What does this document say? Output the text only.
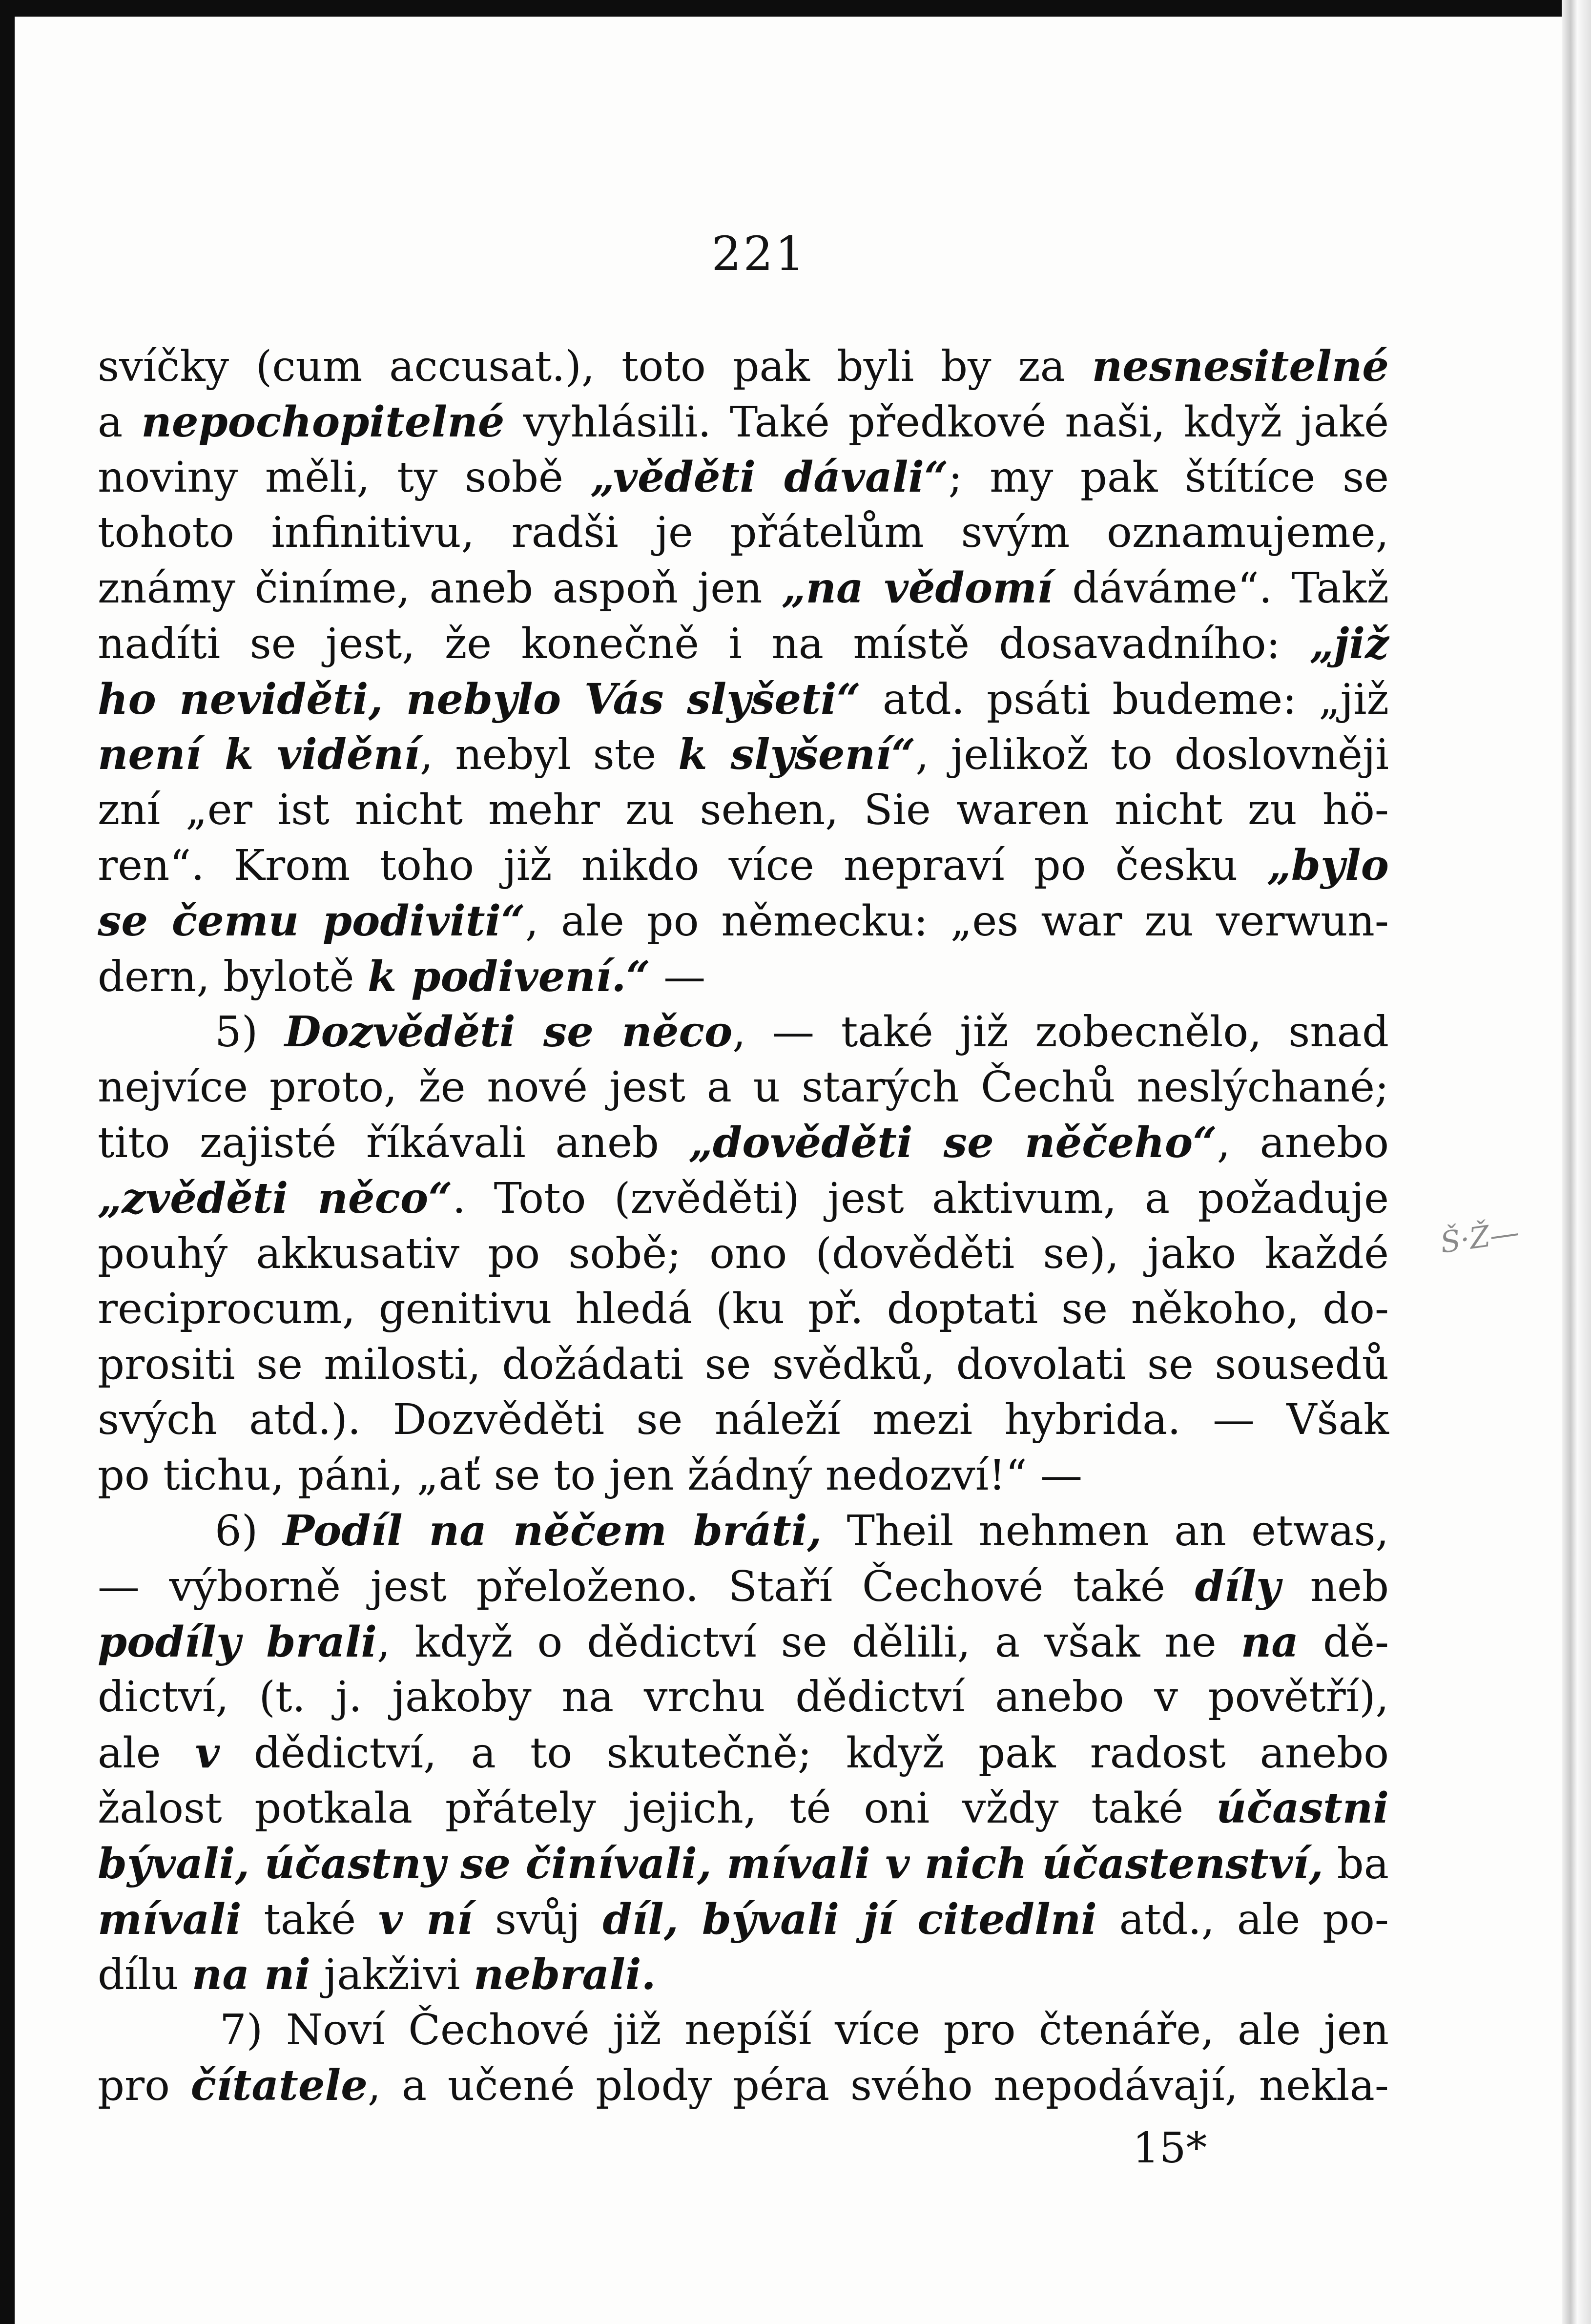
221
svíčky (cum accusat.), toto pak byli by za nesnesitelné
a nepochopitelné vyhlásili. Také předkové naši, když jaké
noviny měli, ty sobě „věděti dávali“; my pak štítíce se
tohoto infinitivu, radši je přátelům svým oznamujeme,
známy činíme, aneb aspoň jen „na vědomí dáváme“. Takž
nadíti se jest, že konečně i na místě dosavadního: „již
ho neviděti, nebylo Vás slyšeti“ atd. psáti budeme: „již
není k vidění, nebyl ste k slyšení“, jelikož to doslovněji
zní „er ist nicht mehr zu sehen, Sie waren nicht zu hö-
ren“. Krom toho již nikdo více nepraví po česku „bylo
se čemu podiviti“, ale po německu: „es war zu verwun-
dern, bylotě k podivení.“ —
5) Dozvěděti se něco, — také již zobecnělo, snad
nejvíce proto, že nové jest a u starých Čechů neslýchané;
tito zajisté říkávali aneb „dověděti se něčeho“, anebo
„zvěděti něco“. Toto (zvěděti) jest aktivum, a požaduje
pouhý akkusativ po sobě; ono (dověděti se), jako každé
reciprocum, genitivu hledá (ku př. doptati se někoho, do-
prositi se milosti, dožádati se svědků, dovolati se sousedů
svých atd.). Dozvěděti se náleží mezi hybrida. — Však
po tichu, páni, „ať se to jen žádný nedozví!“ —
6) Podíl na něčem bráti, Theil nehmen an etwas,
— výborně jest přeloženo. Staří Čechové také díly neb
podíly brali, když o dědictví se dělili, a však ne na dě-
dictví, (t. j. jakoby na vrchu dědictví anebo v povětří),
ale v dědictví, a to skutečně; když pak radost anebo
žalost potkala přátely jejich, té oni vždy také účastni
bývali, účastny se činívali, mívali v nich účastenství, ba
mívali také v ní svůj díl, bývali jí citedlni atd., ale po-
dílu na ni jakživi nebrali.
7) Noví Čechové již nepíší více pro čtenáře, ale jen
pro čítatele, a učené plody péra svého nepodávají, nekla-
15*
Š·Ž—
